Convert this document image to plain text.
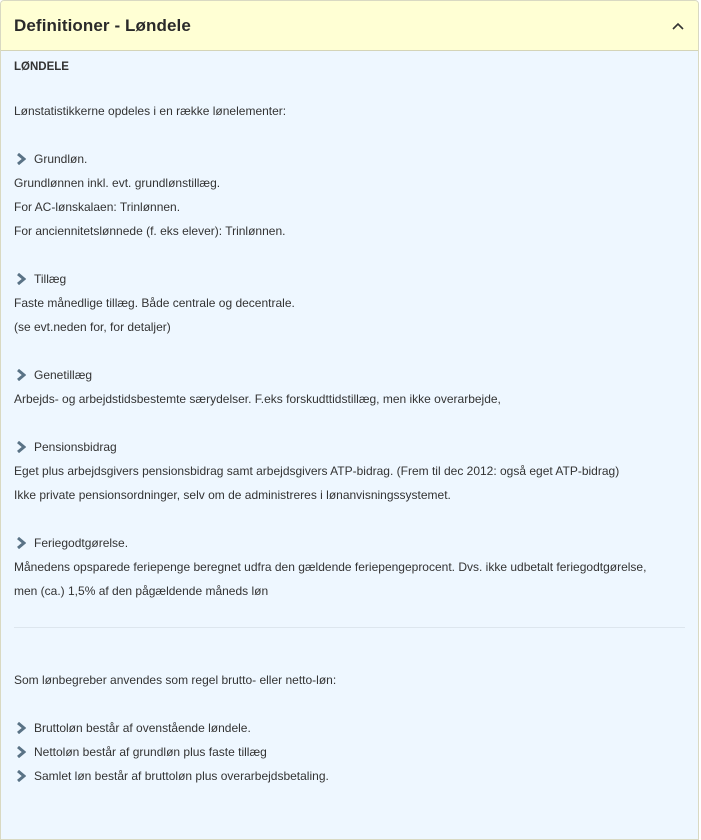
Definitioner - Løndele
LØNDELE
Lønstatistikkerne opdeles i en række lønelementer:
Grundløn.
Grundlønnen inkl. evt. grundlønstillæg.
For AC-lønskalaen: Trinlønnen.
For anciennitetslønnede (f. eks elever): Trinlønnen.
Tillæg
Faste månedlige tillæg. Både centrale og decentrale.
(se evt.neden for, for detaljer)
Genetillæg
Arbejds- og arbejdstidsbestemte særydelser. F.eks forskudttidstillæg, men ikke overarbejde,
Pensionsbidrag
Eget plus arbejdsgivers pensionsbidrag samt arbejdsgivers ATP-bidrag. (Frem til dec 2012: også eget ATP-bidrag)
Ikke private pensionsordninger, selv om de administreres i lønanvisningssystemet.
Feriegodtgørelse.
Månedens opsparede feriepenge beregnet udfra den gældende feriepengeprocent. Dvs. ikke udbetalt feriegodtgørelse,
men (ca.) 1,5% af den pågældende måneds løn
Som lønbegreber anvendes som regel brutto- eller netto-løn:
Bruttoløn består af ovenstående løndele.
Nettoløn består af grundløn plus faste tillæg
Samlet løn består af bruttoløn plus overarbejdsbetaling.
